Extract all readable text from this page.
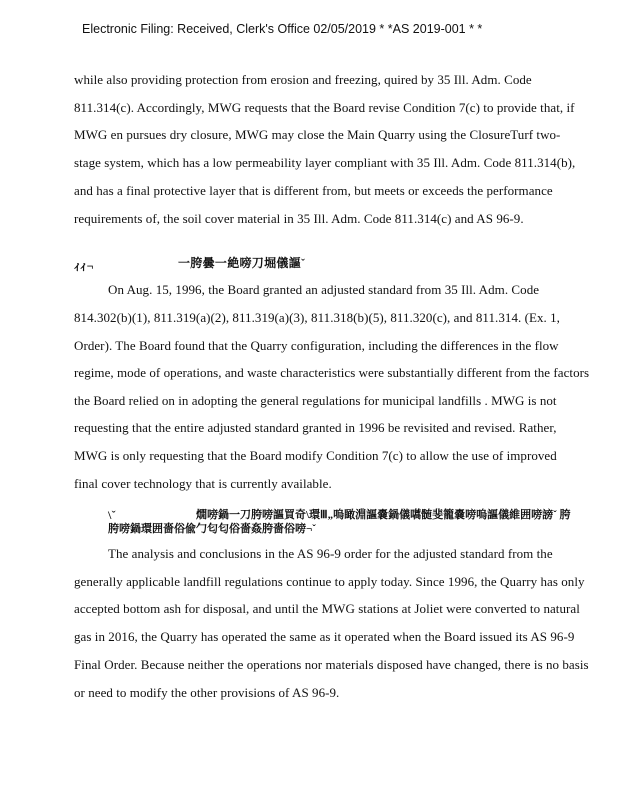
Electronic Filing: Received, Clerk's Office 02/05/2019 * *AS 2019-001 * *
while also providing protection from erosion and freezing, quired by 35 Ill. Adm. Code
811.314(c). Accordingly, MWG requests that the Board revise Condition 7(c) to provide that, if
MWG en pursues dry closure, MWG may close the Main Quarry using the ClosureTurf two-
stage system, which has a low permeability layer compliant with 35 Ill. Adm. Code 811.314(b),
and has a final protective layer that is different from, but meets or exceeds the performance
requirements of, the soil cover material in 35 Ill. Adm. Code 811.314(c) and AS 96-9.
ｨｨ¬	一胯曇一絶嗙刀堀儀謳ˇ
On Aug. 15, 1996, the Board granted an adjusted standard from 35 Ill. Adm. Code
814.302(b)(1), 811.319(a)(2), 811.319(a)(3), 811.318(b)(5), 811.320(c), and 811.314. (Ex. 1,
Order). The Board found that the Quarry configuration, including the differences in the flow
regime, mode of operations, and waste characteristics were substantially different from the factors
the Board relied on in adopting the general regulations for municipal landfills . MWG is not
requesting that the entire adjusted standard granted in 1996 be revisited and revised. Rather,
MWG is only requesting that the Board modify Condition 7(c) to allow the use of improved
final cover technology that is currently available.
\ˇ	燗嗙鍋一刀胯嗙謳買奇\環Ⅲ„嗚瞰淵謳嚢鍋儀嚆髄斐籠嚢嗙嗚謳儀維囲嗙謗ˇ 胯
胯嗙鍋環囲嗇俗偸勹匂匂俗嗇姦胯嗇俗嗙¬ˇ
The analysis and conclusions in the AS 96-9 order for the adjusted standard from the
generally applicable landfill regulations continue to apply today. Since 1996, the Quarry has only
accepted bottom ash for disposal, and until the MWG stations at Joliet were converted to natural
gas in 2016, the Quarry has operated the same as it operated when the Board issued its AS 96-9
Final Order. Because neither the operations nor materials disposed have changed, there is no basis
or need to modify the other provisions of AS 96-9.
